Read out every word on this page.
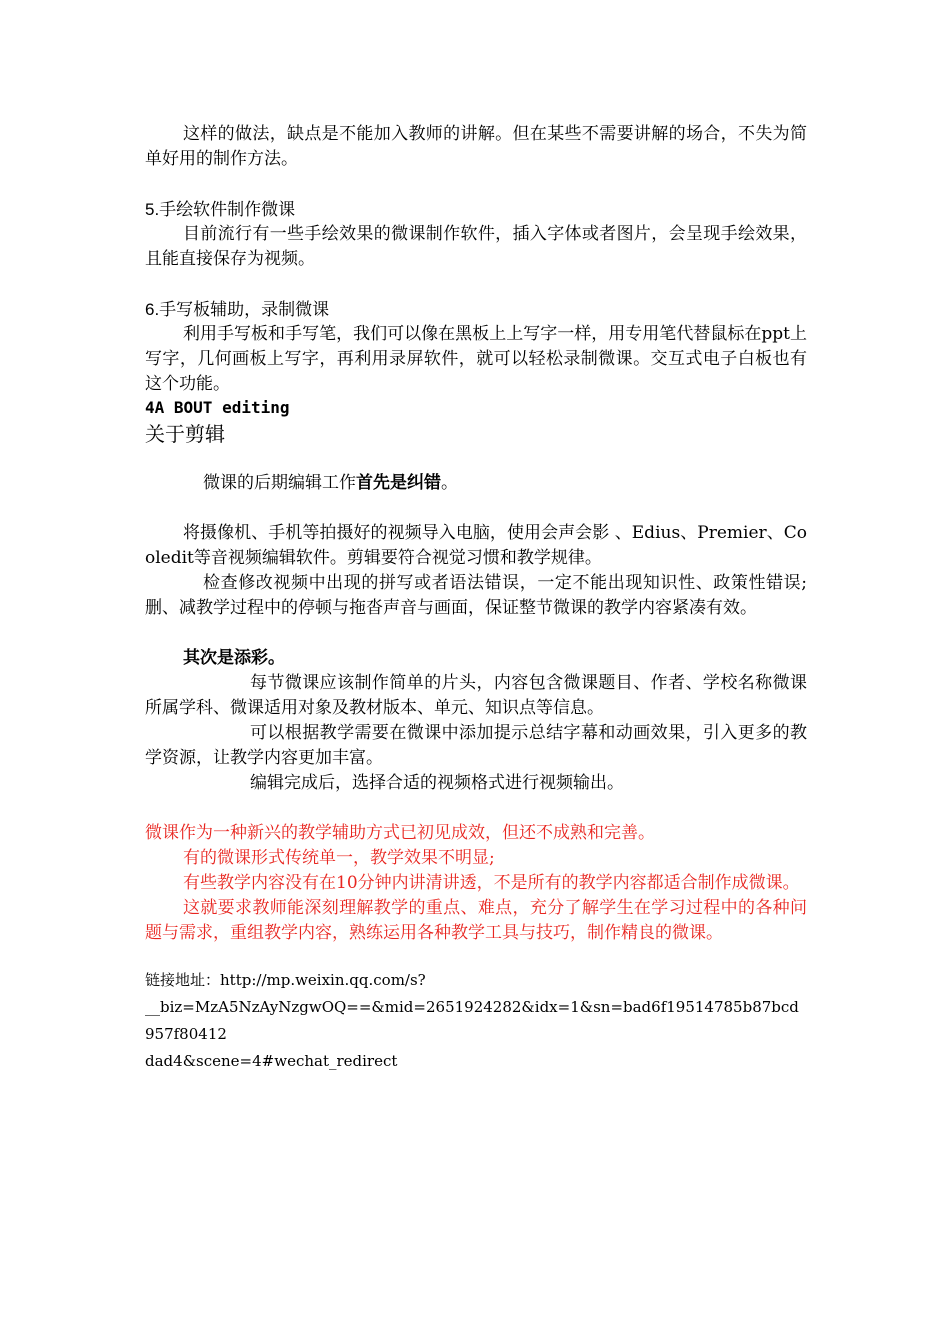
这样的做法，缺点是不能加入教师的讲解。但在某些不需要讲解的场合，不失为简单好用的制作方法。

5.手绘软件制作微课

目前流行有一些手绘效果的微课制作软件，插入字体或者图片，会呈现手绘效果，且能直接保存为视频。

6.手写板辅助，录制微课

利用手写板和手写笔，我们可以像在黑板上上写字一样，用专用笔代替鼠标在ppt上写字，几何画板上写字，再利用录屏软件，就可以轻松录制微课。交互式电子白板也有这个功能。

4A BOUT editing

关于剪辑

微课的后期编辑工作首先是纠错。

将摄像机、手机等拍摄好的视频导入电脑，使用会声会影 、Edius、Premier、Cooledit等音视频编辑软件。剪辑要符合视觉习惯和教学规律。

检查修改视频中出现的拼写或者语法错误，一定不能出现知识性、政策性错误;删、减教学过程中的停顿与拖沓声音与画面，保证整节微课的教学内容紧凑有效。

其次是添彩。

每节微课应该制作简单的片头，内容包含微课题目、作者、学校名称微课所属学科、微课适用对象及教材版本、单元、知识点等信息。

可以根据教学需要在微课中添加提示总结字幕和动画效果，引入更多的教学资源，让教学内容更加丰富。

编辑完成后，选择合适的视频格式进行视频输出。

微课作为一种新兴的教学辅助方式已初见成效，但还不成熟和完善。

有的微课形式传统单一，教学效果不明显;

有些教学内容没有在10分钟内讲清讲透，不是所有的教学内容都适合制作成微课。

这就要求教师能深刻理解教学的重点、难点，充分了解学生在学习过程中的各种问题与需求，重组教学内容，熟练运用各种教学工具与技巧，制作精良的微课。

链接地址：http://mp.weixin.qq.com/s?

__biz=MzA5NzAyNzgwOQ==&mid=2651924282&idx=1&sn=bad6f19514785b87bcd957f80412

dad4&scene=4#wechat_redirect
